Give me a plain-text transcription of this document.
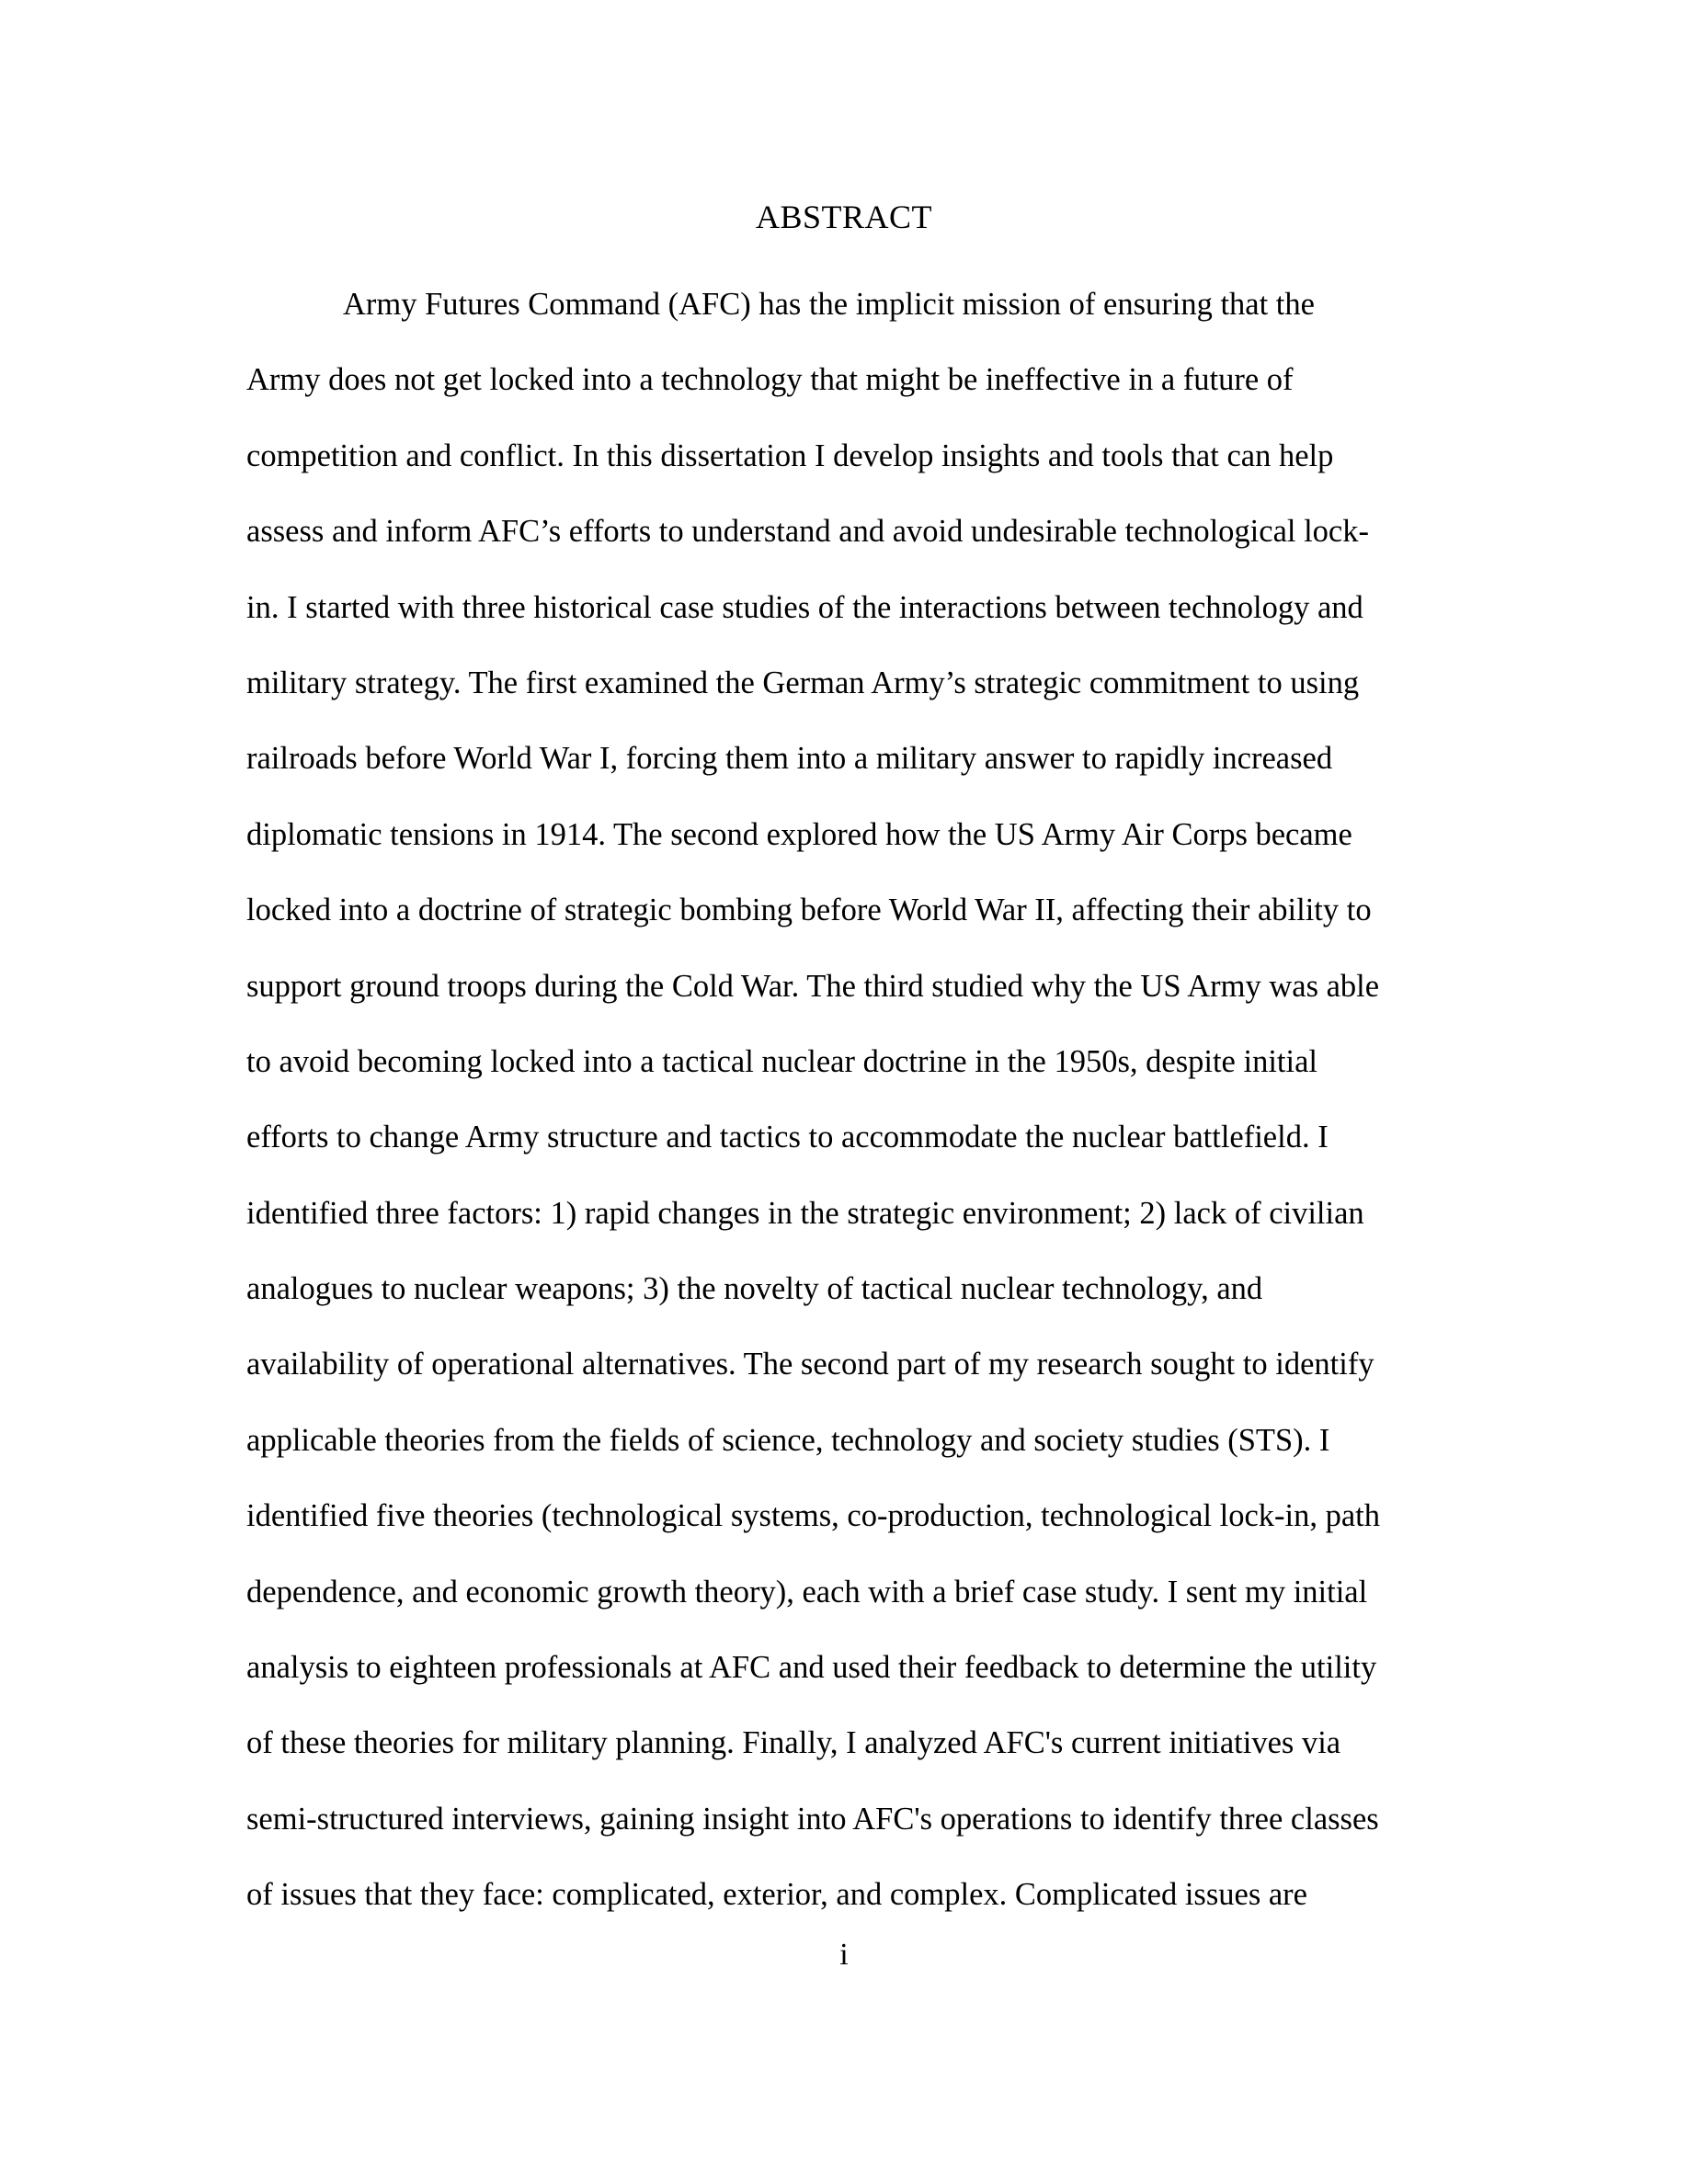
ABSTRACT
Army Futures Command (AFC) has the implicit mission of ensuring that the
Army does not get locked into a technology that might be ineffective in a future of
competition and conflict. In this dissertation I develop insights and tools that can help
assess and inform AFC’s efforts to understand and avoid undesirable technological lock-
in. I started with three historical case studies of the interactions between technology and
military strategy. The first examined the German Army’s strategic commitment to using
railroads before World War I, forcing them into a military answer to rapidly increased
diplomatic tensions in 1914. The second explored how the US Army Air Corps became
locked into a doctrine of strategic bombing before World War II, affecting their ability to
support ground troops during the Cold War. The third studied why the US Army was able
to avoid becoming locked into a tactical nuclear doctrine in the 1950s, despite initial
efforts to change Army structure and tactics to accommodate the nuclear battlefield. I
identified three factors: 1) rapid changes in the strategic environment; 2) lack of civilian
analogues to nuclear weapons; 3) the novelty of tactical nuclear technology, and
availability of operational alternatives. The second part of my research sought to identify
applicable theories from the fields of science, technology and society studies (STS). I
identified five theories (technological systems, co-production, technological lock-in, path
dependence, and economic growth theory), each with a brief case study. I sent my initial
analysis to eighteen professionals at AFC and used their feedback to determine the utility
of these theories for military planning. Finally, I analyzed AFC's current initiatives via
semi-structured interviews, gaining insight into AFC's operations to identify three classes
of issues that they face: complicated, exterior, and complex. Complicated issues are
i
